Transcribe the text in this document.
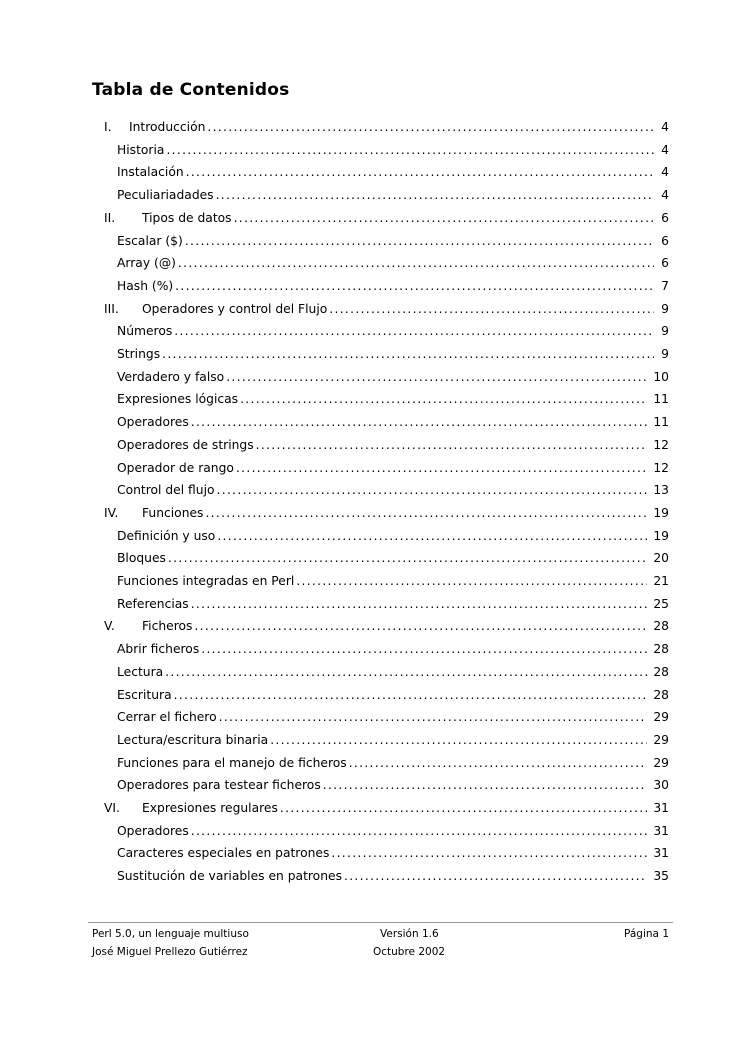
Tabla de Contenidos
I.	Introducción .....	4
Historia .....	4
Instalación .....	4
Peculiariadades .....	4
II.	Tipos de datos .....	6
Escalar ($) .....	6
Array (@) .....	6
Hash (%) .....	7
III.	Operadores y control del Flujo .....	9
Números .....	9
Strings .....	9
Verdadero y falso .....	10
Expresiones lógicas .....	11
Operadores .....	11
Operadores de strings .....	12
Operador de rango .....	12
Control del flujo .....	13
IV.	Funciones .....	19
Definición y uso .....	19
Bloques .....	20
Funciones integradas en Perl .....	21
Referencias .....	25
V.	Ficheros .....	28
Abrir ficheros .....	28
Lectura .....	28
Escritura .....	28
Cerrar el fichero .....	29
Lectura/escritura binaria .....	29
Funciones para el manejo de ficheros .....	29
Operadores para testear ficheros .....	30
VI.	Expresiones regulares .....	31
Operadores .....	31
Caracteres especiales en patrones .....	31
Sustitución de variables en patrones .....	35
Perl 5.0, un lenguaje multiuso
José Miguel Prellezo Gutiérrez
Versión 1.6
Octubre 2002
Página 1
